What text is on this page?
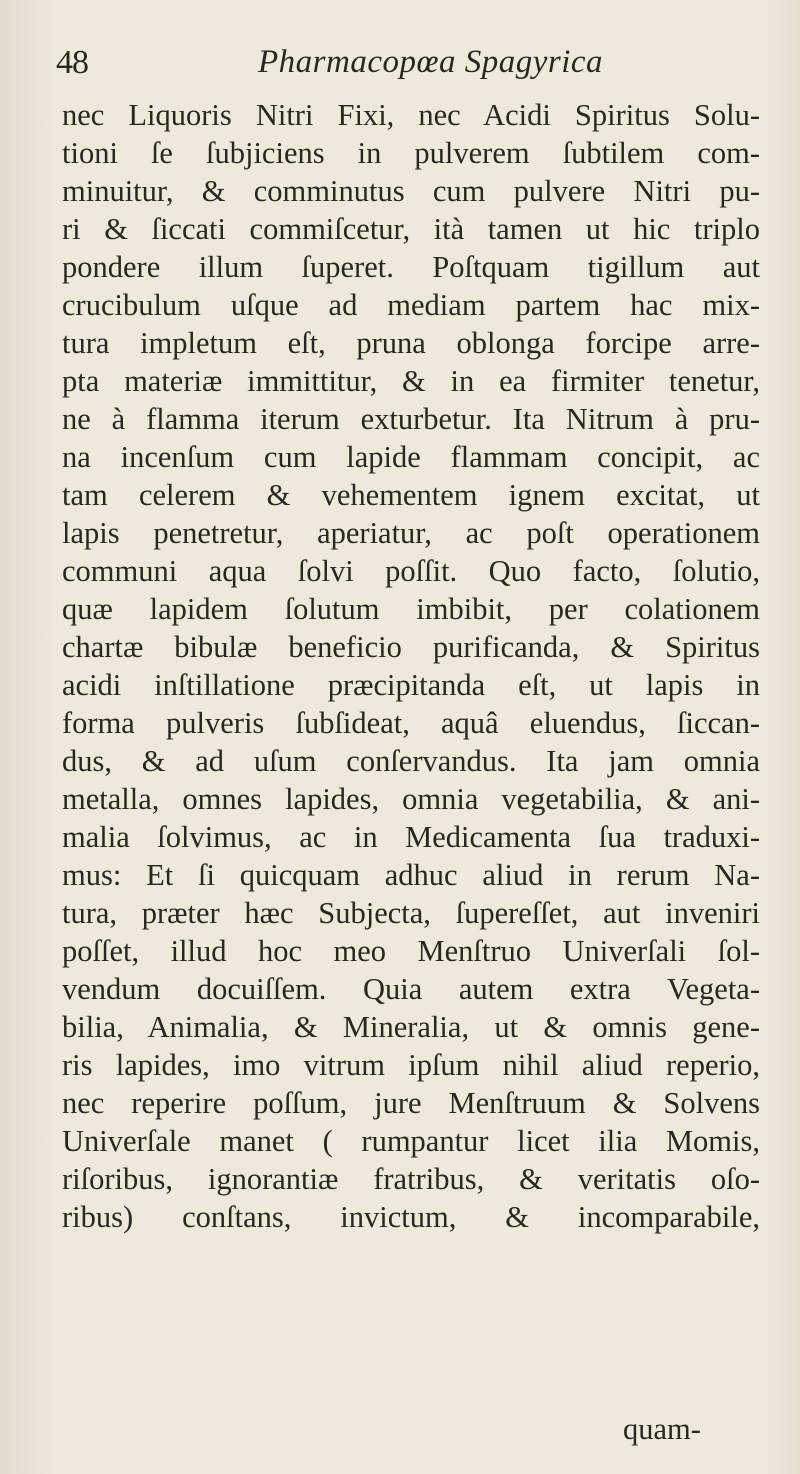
48	Pharmacopœa Spagyrica
nec Liquoris Nitri Fixi, nec Acidi Spiritus Solu-
tioni ſe ſubjiciens in pulverem ſubtilem com-
minuitur, & comminutus cum pulvere Nitri pu-
ri & ſiccati commiſcetur, ità tamen ut hic triplo
pondere illum ſuperet. Poſtquam tigillum aut
crucibulum uſque ad mediam partem hac mix-
tura impletum eſt, pruna oblonga forcipe arre-
pta materiæ immittitur, & in ea firmiter tenetur,
ne à flamma iterum exturbetur. Ita Nitrum à pru-
na incenſum cum lapide flammam concipit, ac
tam celerem & vehementem ignem excitat, ut
lapis penetretur, aperiatur, ac poſt operationem
communi aqua ſolvi poſſit. Quo facto, ſolutio,
quæ lapidem ſolutum imbibit, per colationem
chartæ bibulæ beneficio purificanda, & Spiritus
acidi inſtillatione præcipitanda eſt, ut lapis in
forma pulveris ſubſideat, aquâ eluendus, ſiccan-
dus, & ad uſum conſervandus. Ita jam omnia
metalla, omnes lapides, omnia vegetabilia, & ani-
malia ſolvimus, ac in Medicamenta ſua traduxi-
mus: Et ſi quicquam adhuc aliud in rerum Na-
tura, præter hæc Subjecta, ſupereſſet, aut inveniri
poſſet, illud hoc meo Menſtruo Univerſali ſol-
vendum docuiſſem. Quia autem extra Vegeta-
bilia, Animalia, & Mineralia, ut & omnis gene-
ris lapides, imo vitrum ipſum nihil aliud reperio,
nec reperire poſſum, jure Menſtruum & Solvens
Univerſale manet ( rumpantur licet ilia Momis,
riſoribus, ignorantiæ fratribus, & veritatis oſo-
ribus) conſtans, invictum, & incomparabile,
quam-
